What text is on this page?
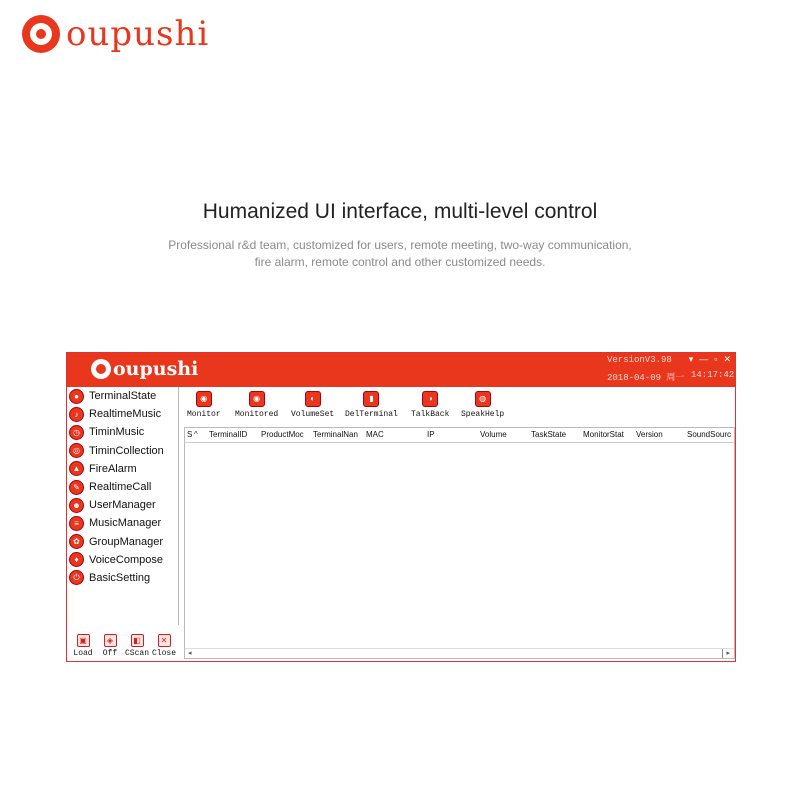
oupushi
Humanized UI interface, multi-level control
Professional r&d team, customized for users, remote meeting, two-way communication,
fire alarm, remote control and other customized needs.
oupushi	VersionV3.98
2018-04-09 周一 14:17:42
▾ — ▫ ✕
● TerminalState
♪ RealtimeMusic
◷ TiminMusic
◎ TiminCollection
▲ FireAlarm
✎ RealtimeCall
☻ UserManager
≡ MusicManager
✿ GroupManager
♦ VoiceCompose
⏻ BasicSetting
▣
Load
◈
Off
◧
CScan
✕
Close
◉
Monitor
◉
Monitored
◐
VolumeSet
▮
DelTerminal
◑
TalkBack
◍
SpeakHelp
S ^	TerminalID	ProductMoc	TerminalNan	MAC	IP	Volume	TaskState	MonitorStat	Version	SoundSourc
◂	▸
